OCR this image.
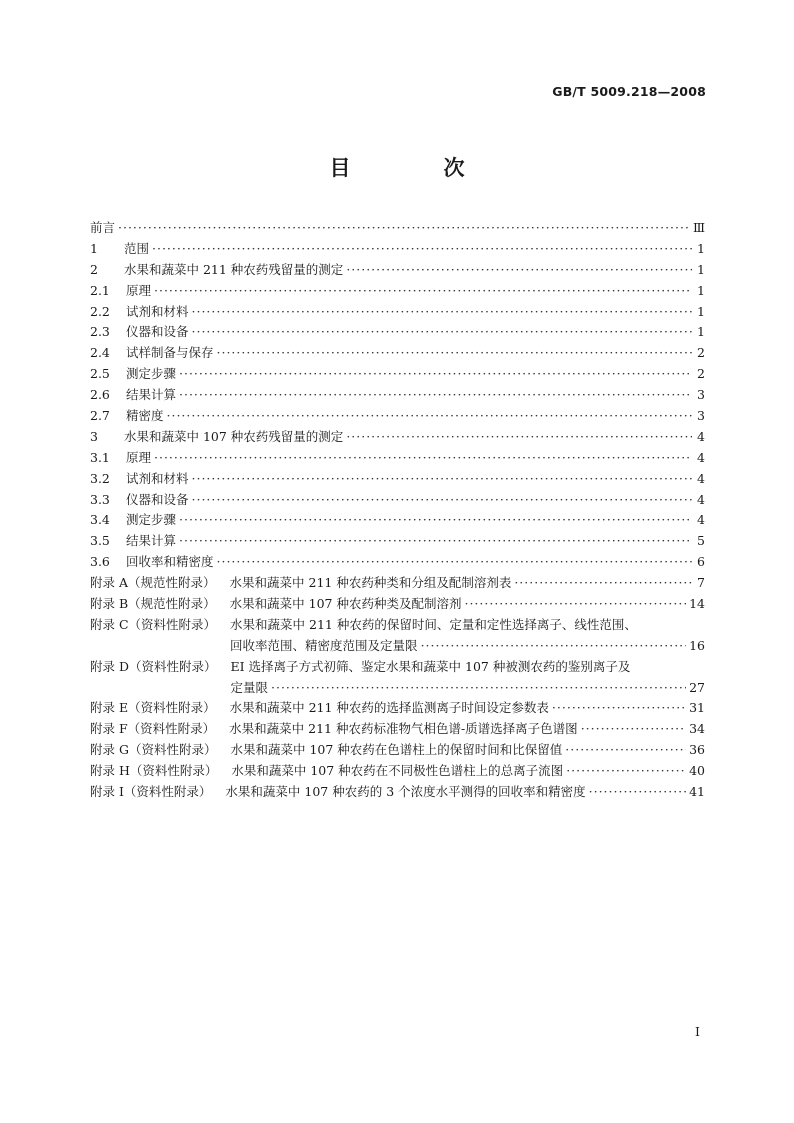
GB/T 5009.218—2008
目　次
前言 ·····	Ⅲ
1	范围 ·····	1
2	水果和蔬菜中 211 种农药残留量的测定 ·····	1
2.1	原理 ·····	1
2.2	试剂和材料 ·····	1
2.3	仪器和设备 ·····	1
2.4	试样制备与保存 ·····	2
2.5	测定步骤 ·····	2
2.6	结果计算 ·····	3
2.7	精密度 ·····	3
3	水果和蔬菜中 107 种农药残留量的测定 ·····	4
3.1	原理 ·····	4
3.2	试剂和材料 ·····	4
3.3	仪器和设备 ·····	4
3.4	测定步骤 ·····	4
3.5	结果计算 ·····	5
3.6	回收率和精密度 ·····	6
附录 A（规范性附录） 水果和蔬菜中 211 种农药种类和分组及配制溶剂表 ·····	7
附录 B（规范性附录） 水果和蔬菜中 107 种农药种类及配制溶剂 ·····	14
附录 C（资料性附录） 水果和蔬菜中 211 种农药的保留时间、定量和定性选择离子、线性范围、
回收率范围、精密度范围及定量限 ·····	16
附录 D（资料性附录） EI 选择离子方式初筛、鉴定水果和蔬菜中 107 种被测农药的鉴别离子及
定量限 ·····	27
附录 E（资料性附录） 水果和蔬菜中 211 种农药的选择监测离子时间设定参数表 ·····	31
附录 F（资料性附录） 水果和蔬菜中 211 种农药标准物气相色谱-质谱选择离子色谱图 ·····	34
附录 G（资料性附录） 水果和蔬菜中 107 种农药在色谱柱上的保留时间和比保留值 ·····	36
附录 H（资料性附录） 水果和蔬菜中 107 种农药在不同极性色谱柱上的总离子流图 ·····	40
附录 I（资料性附录） 水果和蔬菜中 107 种农药的 3 个浓度水平测得的回收率和精密度 ·····	41
I
